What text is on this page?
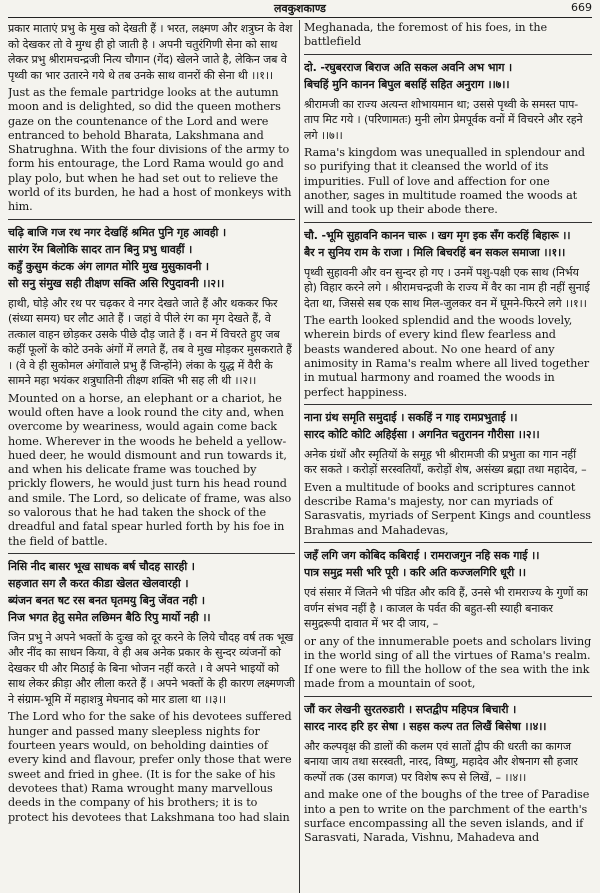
लवकुशकाण्ड	669

प्रकार माताएं प्रभु के मुख को देखती हैं । भरत, लक्ष्मण और शत्रुघ्न के वेश को देखकर तो वे मुग्ध ही हो जाती है । अपनी चतुरंगिणी सेना को साथ लेकर प्रभु श्रीरामचन्द्रजी नित्य चौगान (गेंद) खेलने जाते है, लेकिन जब वे पृथ्वी का भार उतारने गये थे तब उनके साथ वानरों की सेना थी ।।१।।

Just as the female partridge looks at the autumn moon and is delighted, so did the queen mothers gaze on the countenance of the Lord and were entranced to behold Bharata, Lakshmana and Shatrughna. With the four divisions of the army to form his entourage, the Lord Rama would go and play polo, but when he had set out to relieve the world of its burden, he had a host of monkeys with him.

चढ़ि बाजि गज रथ नगर देखहिं श्रमित पुनि गृह आवही ।
सारंग रेंम बिलोकि सादर तान बिनु प्रभु धावहीं ।
कहुँ कुसुम कंटक अंग लागत मोरि मुख मुसुकावनी ।
सो सनु संमुख सही तीक्षण सक्ति असि रिपुदावनी ।।२।।

हाथी, घोड़े और रथ पर चढ़कर वे नगर देखते जाते हैं और थककर फिर (संध्या समय) घर लौट आते हैं । जहां वे पीले रंग का मृग देखते हैं, वे तत्काल वाहन छोड़कर उसके पीछे दौड़ जाते हैं । वन में विचरते हुए जब कहीं फूलों के कोटे उनके अंगों में लगते हैं, तब वे मुख मोड़कर मुसकराते हैं । (वे वे ही सुकोमल अंगोंवाले प्रभु हैं जिन्होंने) लंका के युद्ध में वैरी के सामने महा भयंकर शत्रुघातिनी तीक्ष्ण शक्ति भी सह ली थी ।।२।।

Mounted on a horse, an elephant or a chariot, he would often have a look round the city and, when overcome by weariness, would again come back home. Wherever in the woods he beheld a yellow-hued deer, he would dismount and run towards it, and when his delicate frame was touched by prickly flowers, he would just turn his head round and smile. The Lord, so delicate of frame, was also so valorous that he had taken the shock of the dreadful and fatal spear hurled forth by his foe in the field of battle.

निसि नीद बासर भूख साधक बर्ष चौदह सारही ।
सहजात सग लै करत कीडा खेलत खेलवारही ।
ब्यंजन बनत षट रस बनत घृतमयु बिनु जेंवत नही ।
निज भगत हेतु समेत लछिमन बैठि रिपु मार्यो नही ।।

जिन प्रभु ने अपने भक्तों के दुःख को दूर करने के लिये चौदह वर्ष तक भूख और नींद का साधन किया, वे ही अब अनेक प्रकार के सुन्दर व्यंजनों को देखकर घी और मिठाई के बिना भोजन नहीं करते । वे अपने भाइयों को साथ लेकर क्रीड़ा और लीला करते हैं । अपने भक्तों के ही कारण लक्ष्मणजी ने संग्राम-भूमि में महाशत्रु मेघनाद को मार डाला था ।।३।।

The Lord who for the sake of his devotees suffered hunger and passed many sleepless nights for fourteen years would, on beholding dainties of every kind and flavour, prefer only those that were sweet and fried in ghee. (It is for the sake of his devotees that) Rama wrought many marvellous deeds in the company of his brothers; it is to protect his devotees that Lakshmana too had slain

Meghanada, the foremost of his foes, in the battlefield

दो. -रघुबरराज बिराज अति सकल अवनि अभ भाग ।
बिचहिं मुनि कानन बिपुल बसहिं सहित अनुराग ।।७।।

श्रीरामजी का राज्य अत्यन्त शोभायमान था; उससे पृथ्वी के समस्त पाप-ताप मिट गये । (परिणामतः) मुनी लोग प्रेमपूर्वक वनों में विचरने और रहने लगे ।।७।।

Rama's kingdom was unequalled in splendour and so purifying that it cleansed the world of its impurities. Full of love and affection for one another, sages in multitude roamed the woods at will and took up their abode there.

चौ. -भूमि सुहावनि कानन चारू । खग मृग इक सँग करहिं बिहारू ।।
बैर न सुनिय राम के राजा । मिलि बिचरहिं बन सकल समाजा ।।१।।

पृथ्वी सुहावनी और वन सुन्दर हो गए । उनमें पशु-पक्षी एक साथ (निर्भय हो) विहार करने लगे । श्रीरामचन्द्रजी के राज्य में वैर का नाम ही नहीं सुनाई देता था, जिससे सब एक साथ मिल-जुलकर वन में घूमने-फिरने लगे ।।१।।

The earth looked splendid and the woods lovely, wherein birds of every kind flew fearless and beasts wandered about. No one heard of any animosity in Rama's realm where all lived together in mutual harmony and roamed the woods in perfect happiness.

नाना ग्रंथ समृति समुदाई । सकहिं न गाइ रामप्रभुताई ।।
सारद कोटि कोटि अहिईसा । अगनित चतुरानन गौरीसा ।।२।।

अनेक ग्रंथों और स्मृतियों के समूह भी श्रीरामजी की प्रभुता का गान नहीं कर सकते । करोड़ों सरस्वतियाँ, करोड़ों शेष, असंख्य ब्रह्मा तथा महादेव, –

Even a multitude of books and scriptures cannot describe Rama's majesty, nor can myriads of Sarasvatis, myriads of Serpent Kings and countless Brahmas and Mahadevas,

जहँ लगि जग कोबिद कबिराई । रामराजगुन नहि सक गाई ।।
पात्र समुद्र मसी भरि पूरी । करि अति कज्जलगिरि धूरी ।।

एवं संसार में जितने भी पंडित और कवि हैं, उनसे भी रामराज्य के गुणों का वर्णन संभव नहीं है । काजल के पर्वत की बहुत-सी स्याही बनाकर समुद्ररूपी दावात में भर दी जाय, –

or any of the innumerable poets and scholars living in the world sing of all the virtues of Rama's realm. If one were to fill the hollow of the sea with the ink made from a mountain of soot,

जौं कर लेखनी सुरतरुडारी । सप्तद्वीप महिपत्र बिचारी ।
सारद नारद हरि हर सेषा । सहस कल्प तत लिखैं बिसेषा ।।४।।

और कल्पवृक्ष की डालों की कलम एवं सातों द्वीप की धरती का कागज बनाया जाय तथा सरस्वती, नारद, विष्णु, महादेव और शेषनाग सौ हजार कल्पों तक (उस कागज) पर विशेष रूप से लिखें, – ।।४।।

and make one of the boughs of the tree of Paradise into a pen to write on the parchment of the earth's surface encompassing all the seven islands, and if Sarasvati, Narada, Vishnu, Mahadeva and
